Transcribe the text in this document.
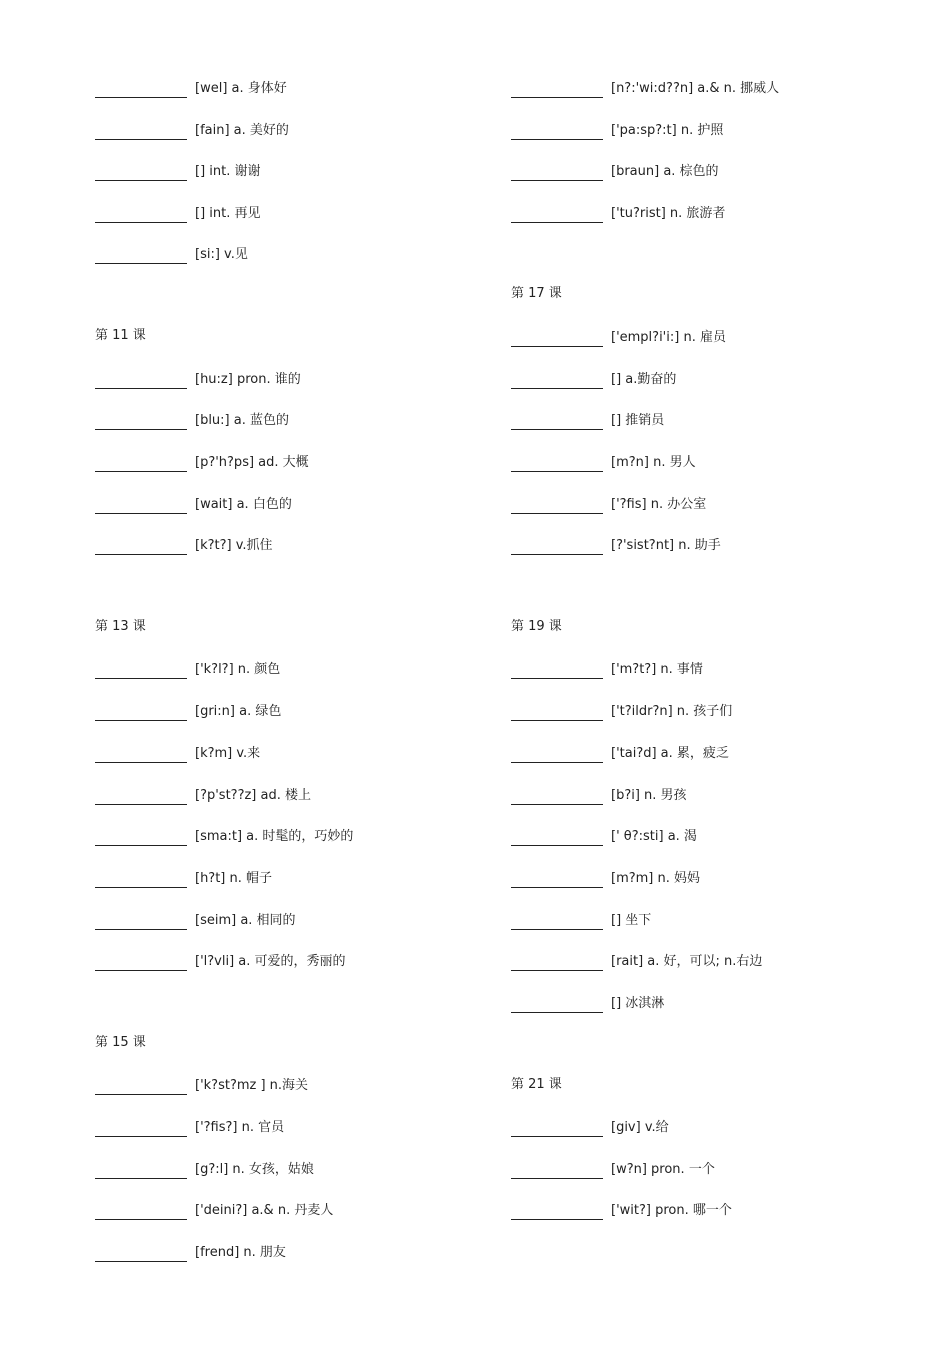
[wel] a. 身体好
[fain] a. 美好的
[] int. 谢谢
[] int. 再见
[si:] v.见
第 11 课
[hu:z] pron. 谁的
[blu:] a. 蓝色的
[p?'h?ps] ad. 大概
[wait] a. 白色的
[k?t?] v.抓住
第 13 课
['k?l?] n. 颜色
[gri:n] a. 绿色
[k?m] v.来
[?p'st??z] ad. 楼上
[sma:t] a. 时髦的，巧妙的
[h?t] n. 帽子
[seim] a. 相同的
['l?vli] a. 可爱的，秀丽的
第 15 课
['k?st?mz ] n.海关
['?fis?] n. 官员
[g?:l] n. 女孩，姑娘
['deini?] a.& n. 丹麦人
[frend] n. 朋友
[n?:'wi:d??n] a.& n. 挪威人
['pa:sp?:t] n. 护照
[braun] a. 棕色的
['tu?rist] n. 旅游者
第 17 课
['empl?i'i:] n. 雇员
[] a.勤奋的
[] 推销员
[m?n] n. 男人
['?fis] n. 办公室
[?'sist?nt] n. 助手
第 19 课
['m?t?] n. 事情
['t?ildr?n] n. 孩子们
['tai?d] a. 累，疲乏
[b?i] n. 男孩
[' θ?:sti] a. 渴
[m?m] n. 妈妈
[] 坐下
[rait] a. 好，可以; n.右边
[] 冰淇淋
第 21 课
[giv] v.给
[w?n] pron. 一个
['wit?] pron. 哪一个
